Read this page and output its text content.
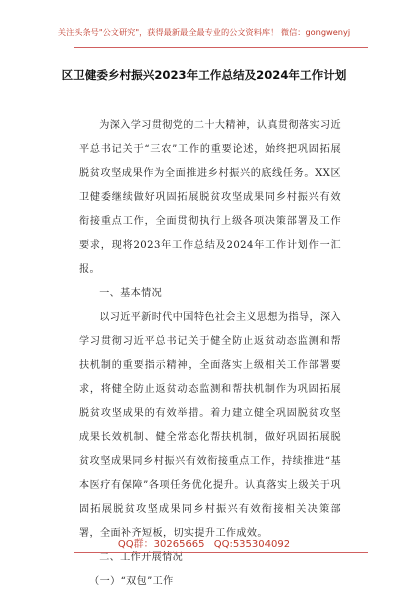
关注头条号"公文研究"，获得最新最全最专业的公文资料库！ 微信：gongwenyj
区卫健委乡村振兴2023年工作总结及2024年工作计划

为深入学习贯彻党的二十大精神，认真贯彻落实习近平总书记关于“三农”工作的重要论述，始终把巩固拓展脱贫攻坚成果作为全面推进乡村振兴的底线任务。XX区卫健委继续做好巩固拓展脱贫攻坚成果同乡村振兴有效衔接重点工作，全面贯彻执行上级各项决策部署及工作要求，现将2023年工作总结及2024年工作计划作一汇报。

一、基本情况

以习近平新时代中国特色社会主义思想为指导，深入学习贯彻习近平总书记关于健全防止返贫动态监测和帮扶机制的重要指示精神，全面落实上级相关工作部署要求，将健全防止返贫动态监测和帮扶机制作为巩固拓展脱贫攻坚成果的有效举措。着力建立健全巩固脱贫攻坚成果长效机制、健全常态化帮扶机制，做好巩固拓展脱贫攻坚成果同乡村振兴有效衔接重点工作，持续推进“基本医疗有保障”各项任务优化提升。认真落实上级关于巩固拓展脱贫攻坚成果同乡村振兴有效衔接相关决策部署，全面补齐短板，切实提升工作成效。

二、工作开展情况

（一）“双包”工作

QQ群：30265665 QQ:535304092
